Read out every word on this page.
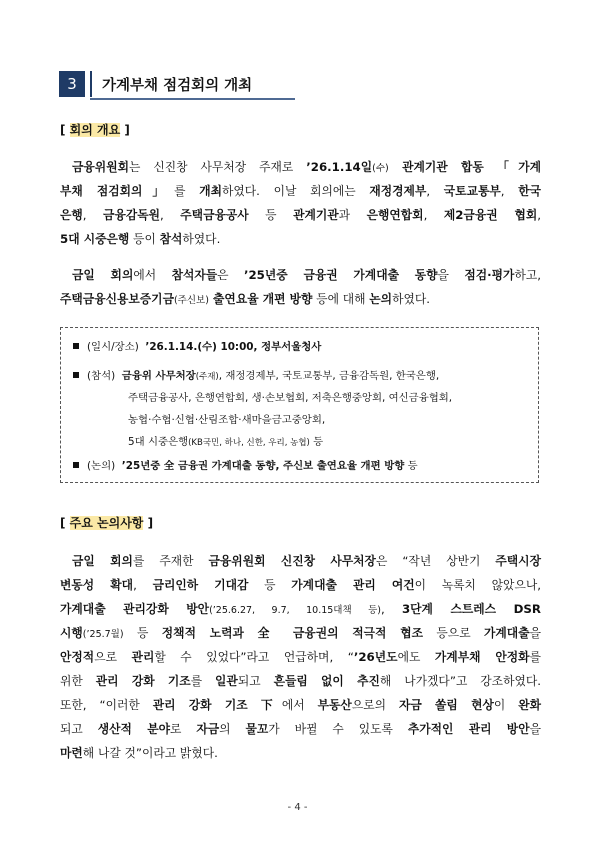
3	가계부채 점검회의 개최
[ 회의 개요 ]
금융위원회는 신진창 사무처장 주재로 ’26.1.14일(수) 관계기관 합동 「가계
부채 점검회의」를 개최하였다. 이날 회의에는 재정경제부, 국토교통부, 한국
은행, 금융감독원, 주택금융공사 등 관계기관과 은행연합회, 제2금융권 협회,
5대 시중은행 등이 참석하였다.
금일 회의에서 참석자들은 ’25년중 금융권 가계대출 동향을 점검·평가하고,
주택금융신용보증기금(주신보) 출연요율 개편 방향 등에 대해 논의하였다.
(일시/장소) ’26.1.14.(수) 10:00, 정부서울청사
(참석) 금융위 사무처장(주재), 재정경제부, 국토교통부, 금융감독원, 한국은행,
주택금융공사, 은행연합회, 생·손보협회, 저축은행중앙회, 여신금융협회,
농협·수협·신협·산림조합·새마을금고중앙회,
5대 시중은행(KB국민, 하나, 신한, 우리, 농협) 등
(논의) ’25년중 全 금융권 가계대출 동향, 주신보 출연요율 개편 방향 등
[ 주요 논의사항 ]
금일 회의를 주재한 금융위원회 신진창 사무처장은 “작년 상반기 주택시장
변동성 확대, 금리인하 기대감 등 가계대출 관리 여건이 녹록치 않았으나,
가계대출 관리강화 방안(’25.6.27, 9.7, 10.15대책 등), 3단계 스트레스 DSR
시행(’25.7월) 등 정책적 노력과 全 금융권의 적극적 협조 등으로 가계대출을
안정적으로 관리할 수 있었다”라고 언급하며, “’26년도에도 가계부채 안정화를
위한 관리 강화 기조를 일관되고 흔들림 없이 추진해 나가겠다”고 강조하였다.
또한, “이러한 관리 강화 기조 下에서 부동산으로의 자금 쏠림 현상이 완화
되고 생산적 분야로 자금의 물꼬가 바뀔 수 있도록 추가적인 관리 방안을
마련해 나갈 것”이라고 밝혔다.
- 4 -
